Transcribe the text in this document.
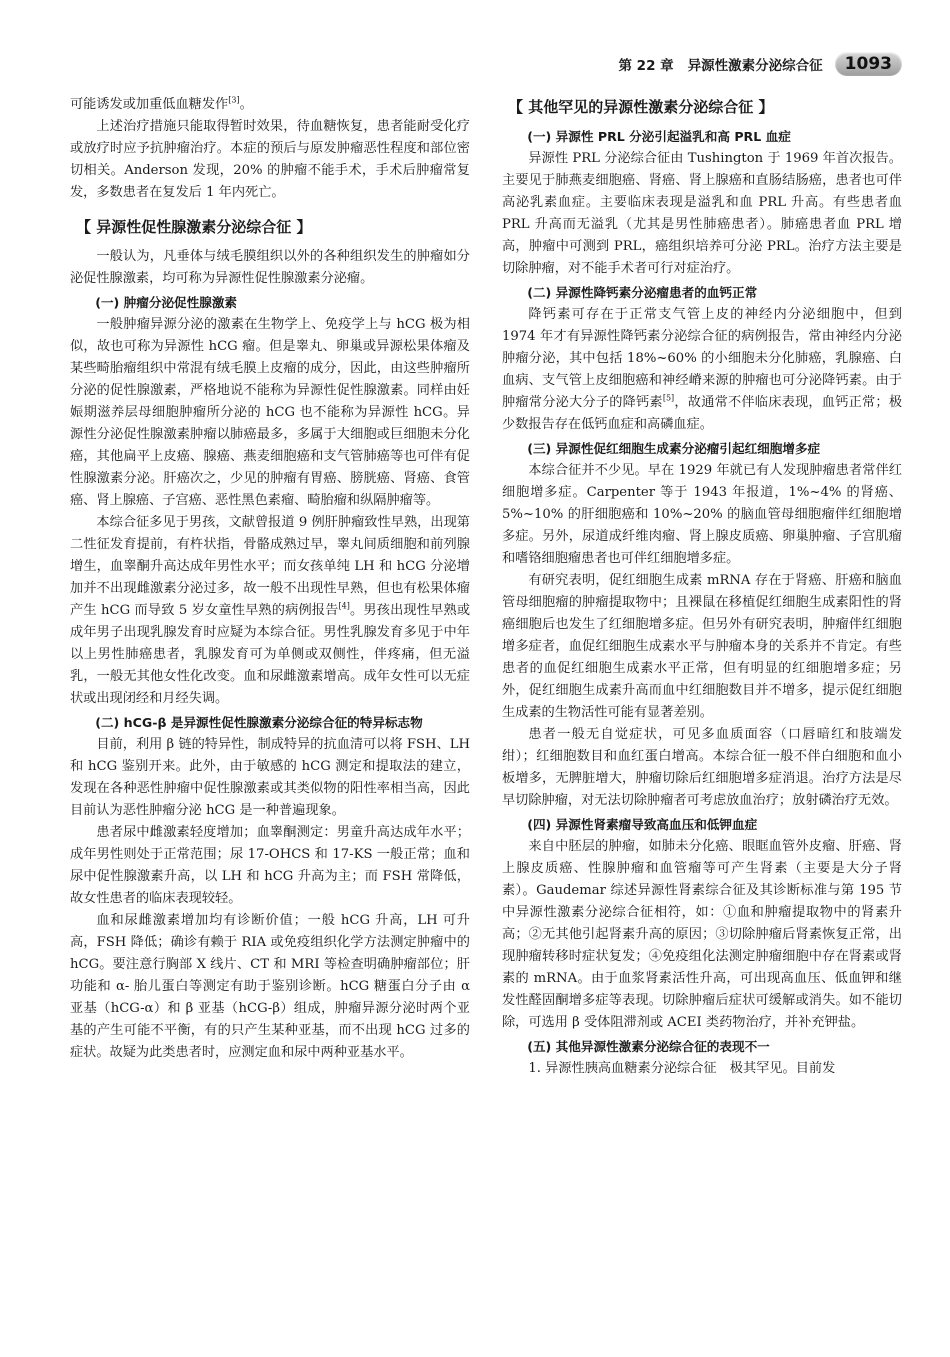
第 22 章 异源性激素分泌综合征	1093

可能诱发或加重低血糖发作[3]。

上述治疗措施只能取得暂时效果，待血糖恢复，患者能耐受化疗或放疗时应予抗肿瘤治疗。本症的预后与原发肿瘤恶性程度和部位密切相关。Anderson 发现，20% 的肿瘤不能手术，手术后肿瘤常复发，多数患者在复发后 1 年内死亡。

【 异源性促性腺激素分泌综合征 】

一般认为，凡垂体与绒毛膜组织以外的各种组织发生的肿瘤如分泌促性腺激素，均可称为异源性促性腺激素分泌瘤。

(一) 肿瘤分泌促性腺激素

一般肿瘤异源分泌的激素在生物学上、免疫学上与 hCG 极为相似，故也可称为异源性 hCG 瘤。但是睾丸、卵巢或异源松果体瘤及某些畸胎瘤组织中常混有绒毛膜上皮瘤的成分，因此，由这些肿瘤所分泌的促性腺激素，严格地说不能称为异源性促性腺激素。同样由妊娠期滋养层母细胞肿瘤所分泌的 hCG 也不能称为异源性 hCG。异源性分泌促性腺激素肿瘤以肺癌最多，多属于大细胞或巨细胞未分化癌，其他扁平上皮癌、腺癌、燕麦细胞癌和支气管肺癌等也可伴有促性腺激素分泌。肝癌次之，少见的肿瘤有胃癌、膀胱癌、肾癌、食管癌、肾上腺癌、子宫癌、恶性黑色素瘤、畸胎瘤和纵隔肿瘤等。

本综合征多见于男孩，文献曾报道 9 例肝肿瘤致性早熟，出现第二性征发育提前，有杵状指，骨骼成熟过早，睾丸间质细胞和前列腺增生，血睾酮升高达成年男性水平；而女孩单纯 LH 和 hCG 分泌增加并不出现雌激素分泌过多，故一般不出现性早熟，但也有松果体瘤产生 hCG 而导致 5 岁女童性早熟的病例报告[4]。男孩出现性早熟或成年男子出现乳腺发育时应疑为本综合征。男性乳腺发育多见于中年以上男性肺癌患者，乳腺发育可为单侧或双侧性，伴疼痛，但无溢乳，一般无其他女性化改变。血和尿雌激素增高。成年女性可以无症状或出现闭经和月经失调。

(二) hCG-β 是异源性促性腺激素分泌综合征的特异标志物

目前，利用 β 链的特异性，制成特异的抗血清可以将 FSH、LH 和 hCG 鉴别开来。此外，由于敏感的 hCG 测定和提取法的建立，发现在各种恶性肿瘤中促性腺激素或其类似物的阳性率相当高，因此目前认为恶性肿瘤分泌 hCG 是一种普遍现象。

患者尿中雌激素轻度增加；血睾酮测定：男童升高达成年水平；成年男性则处于正常范围；尿 17-OHCS 和 17-KS 一般正常；血和尿中促性腺激素升高，以 LH 和 hCG 升高为主；而 FSH 常降低，故女性患者的临床表现较轻。

血和尿雌激素增加均有诊断价值；一般 hCG 升高，LH 可升高，FSH 降低；确诊有赖于 RIA 或免疫组织化学方法测定肿瘤中的 hCG。要注意行胸部 X 线片、CT 和 MRI 等检查明确肿瘤部位；肝功能和 α- 胎儿蛋白等测定有助于鉴别诊断。hCG 糖蛋白分子由 α 亚基（hCG-α）和 β 亚基（hCG-β）组成，肿瘤异源分泌时两个亚基的产生可能不平衡，有的只产生某种亚基，而不出现 hCG 过多的症状。故疑为此类患者时，应测定血和尿中两种亚基水平。

【 其他罕见的异源性激素分泌综合征 】
(一) 异源性 PRL 分泌引起溢乳和高 PRL 血症

异源性 PRL 分泌综合征由 Tushington 于 1969 年首次报告。主要见于肺燕麦细胞癌、肾癌、肾上腺癌和直肠结肠癌，患者也可伴高泌乳素血症。主要临床表现是溢乳和血 PRL 升高。有些患者血 PRL 升高而无溢乳（尤其是男性肺癌患者）。肺癌患者血 PRL 增高，肿瘤中可测到 PRL，癌组织培养可分泌 PRL。治疗方法主要是切除肿瘤，对不能手术者可行对症治疗。

(二) 异源性降钙素分泌瘤患者的血钙正常

降钙素可存在于正常支气管上皮的神经内分泌细胞中，但到 1974 年才有异源性降钙素分泌综合征的病例报告，常由神经内分泌肿瘤分泌，其中包括 18%~60% 的小细胞未分化肺癌，乳腺癌、白血病、支气管上皮细胞癌和神经嵴来源的肿瘤也可分泌降钙素。由于肿瘤常分泌大分子的降钙素[5]，故通常不伴临床表现，血钙正常；极少数报告存在低钙血症和高磷血症。

(三) 异源性促红细胞生成素分泌瘤引起红细胞增多症

本综合征并不少见。早在 1929 年就已有人发现肿瘤患者常伴红细胞增多症。Carpenter 等于 1943 年报道，1%~4% 的肾癌、5%~10% 的肝细胞癌和 10%~20% 的脑血管母细胞瘤伴红细胞增多症。另外，尿道成纤维肉瘤、肾上腺皮质癌、卵巢肿瘤、子宫肌瘤和嗜铬细胞瘤患者也可伴红细胞增多症。

有研究表明，促红细胞生成素 mRNA 存在于肾癌、肝癌和脑血管母细胞瘤的肿瘤提取物中；且裸鼠在移植促红细胞生成素阳性的肾癌细胞后也发生了红细胞增多症。但另外有研究表明，肿瘤伴红细胞增多症者，血促红细胞生成素水平与肿瘤本身的关系并不肯定。有些患者的血促红细胞生成素水平正常，但有明显的红细胞增多症；另外，促红细胞生成素升高而血中红细胞数目并不增多，提示促红细胞生成素的生物活性可能有显著差别。

患者一般无自觉症状，可见多血质面容（口唇暗红和肢端发绀）；红细胞数目和血红蛋白增高。本综合征一般不伴白细胞和血小板增多，无脾脏增大，肿瘤切除后红细胞增多症消退。治疗方法是尽早切除肿瘤，对无法切除肿瘤者可考虑放血治疗；放射磷治疗无效。

(四) 异源性肾素瘤导致高血压和低钾血症

来自中胚层的肿瘤，如肺未分化癌、眼眶血管外皮瘤、肝癌、肾上腺皮质癌、性腺肿瘤和血管瘤等可产生肾素（主要是大分子肾素）。Gaudemar 综述异源性肾素综合征及其诊断标准与第 195 节中异源性激素分泌综合征相符，如：①血和肿瘤提取物中的肾素升高；②无其他引起肾素升高的原因；③切除肿瘤后肾素恢复正常，出现肿瘤转移时症状复发；④免疫组化法测定肿瘤细胞中存在肾素或肾素的 mRNA。由于血浆肾素活性升高，可出现高血压、低血钾和继发性醛固酮增多症等表现。切除肿瘤后症状可缓解或消失。如不能切除，可选用 β 受体阻滞剂或 ACEI 类药物治疗，并补充钾盐。

(五) 其他异源性激素分泌综合征的表现不一

1. 异源性胰高血糖素分泌综合征　极其罕见。目前发
